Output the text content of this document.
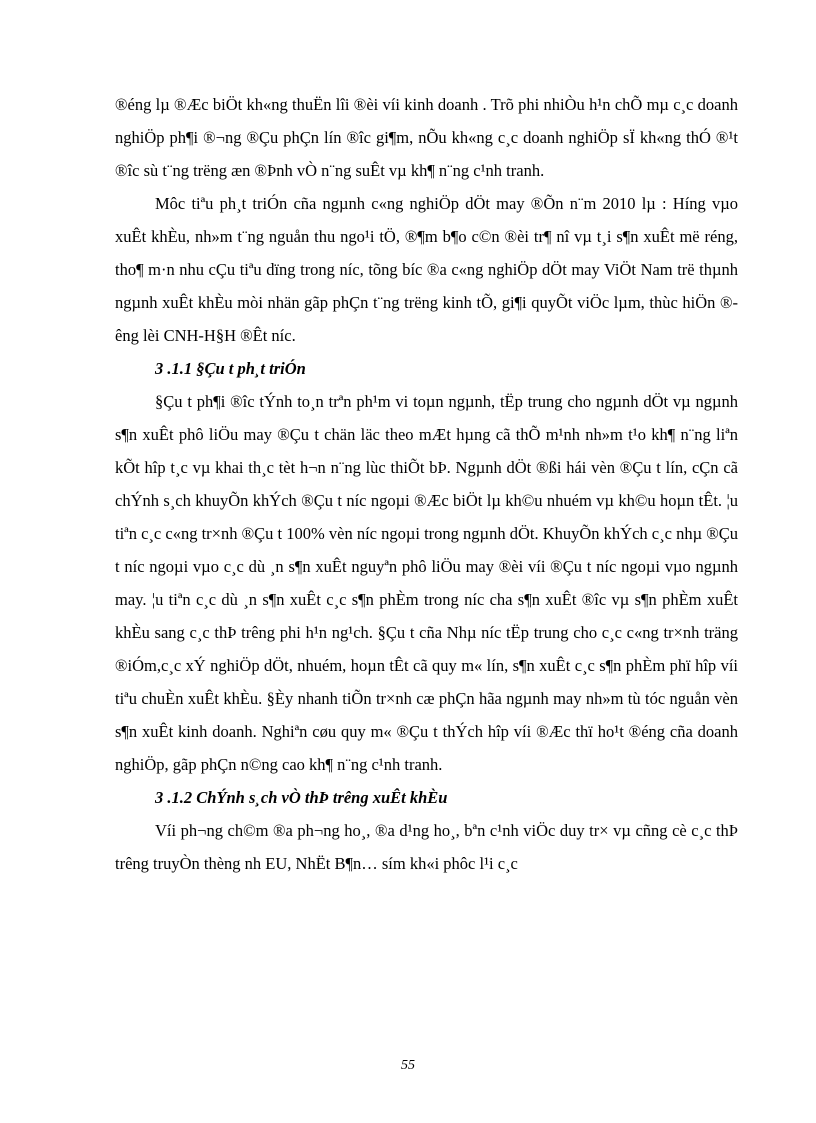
®éng lµ ®Æc biÖt kh«ng thuËn lîi ®èi víi kinh doanh . Trõ phi nhiÒu h¹n chÕ mµ c¸c doanh nghiÖp ph¶i ®¬ng ®Çu phÇn lín ®îc gi¶m, nÕu kh«ng c¸c doanh nghiÖp sÏ kh«ng thÓ ®¹t ®îc sù t¨ng trëng æn ®Þnh vÒ n¨ng suÊt vµ kh¶ n¨ng c¹nh tranh.

Môc tiªu ph¸t triÓn cña ngµnh c«ng nghiÖp dÖt may ®Õn n¨m 2010 lµ : Híng vµo xuÊt khÈu, nh»m t¨ng nguån thu ngo¹i tÖ, ®¶m b¶o c©n ®èi tr¶ nî vµ t¸i s¶n xuÊt më réng, tho¶ m·n nhu cÇu tiªu dïng trong níc, tõng bíc ®a c«ng nghiÖp dÖt may ViÖt Nam trë thµnh ngµnh xuÊt khÈu mòi nhän gãp phÇn t¨ng trëng kinh tÕ, gi¶i quyÕt viÖc lµm, thùc hiÖn ®êng lèi CNH-H§H ®Êt níc.

3 .1.1 §Çu t ph¸t triÓn

§Çu t ph¶i ®îc tÝnh to¸n trªn ph¹m vi toµn ngµnh, tËp trung cho ngµnh dÖt vµ ngµnh s¶n xuÊt phô liÖu may ®Çu t chän läc theo mÆt hµng cã thÕ m¹nh nh»m t¹o kh¶ n¨ng liªn kÕt hîp t¸c vµ khai th¸c tèt h¬n n¨ng lùc thiÕt bÞ. Ngµnh dÖt ®ßi hái vèn ®Çu t lín, cÇn cã chÝnh s¸ch khuyÕn khÝch ®Çu t níc ngoµi ®Æc biÖt lµ kh©u nhuém vµ kh©u hoµn tÊt. ¦u tiªn c¸c c«ng tr×nh ®Çu t 100% vèn níc ngoµi trong ngµnh dÖt. KhuyÕn khÝch c¸c nhµ ®Çu t níc ngoµi vµo c¸c dù ¸n s¶n xuÊt nguyªn phô liÖu may ®èi víi ®Çu t níc ngoµi vµo ngµnh may. ¦u tiªn c¸c dù ¸n s¶n xuÊt c¸c s¶n phÈm trong níc cha s¶n xuÊt ®îc vµ s¶n phÈm xuÊt khÈu sang c¸c thÞ trêng phi h¹n ng¹ch. §Çu t cña Nhµ níc tËp trung cho c¸c c«ng tr×nh träng ®iÓm,c¸c xÝ nghiÖp dÖt, nhuém, hoµn tÊt cã quy m« lín, s¶n xuÊt c¸c s¶n phÈm phï hîp víi tiªu chuÈn xuÊt khÈu. §Èy nhanh tiÕn tr×nh cæ phÇn hãa ngµnh may nh»m tù tóc nguån vèn s¶n xuÊt kinh doanh. Nghiªn cøu quy m« ®Çu t thÝch hîp víi ®Æc thï ho¹t ®éng cña doanh nghiÖp, gãp phÇn n©ng cao kh¶ n¨ng c¹nh tranh.

3 .1.2 ChÝnh s¸ch vÒ thÞ trêng xuÊt khÈu

Víi ph¬ng ch©m ®a ph¬ng ho¸, ®a d¹ng ho¸, bªn c¹nh viÖc duy tr× vµ cñng cè c¸c thÞ trêng truyÒn thèng nh EU, NhËt B¶n… sím kh«i phôc l¹i c¸c

55
